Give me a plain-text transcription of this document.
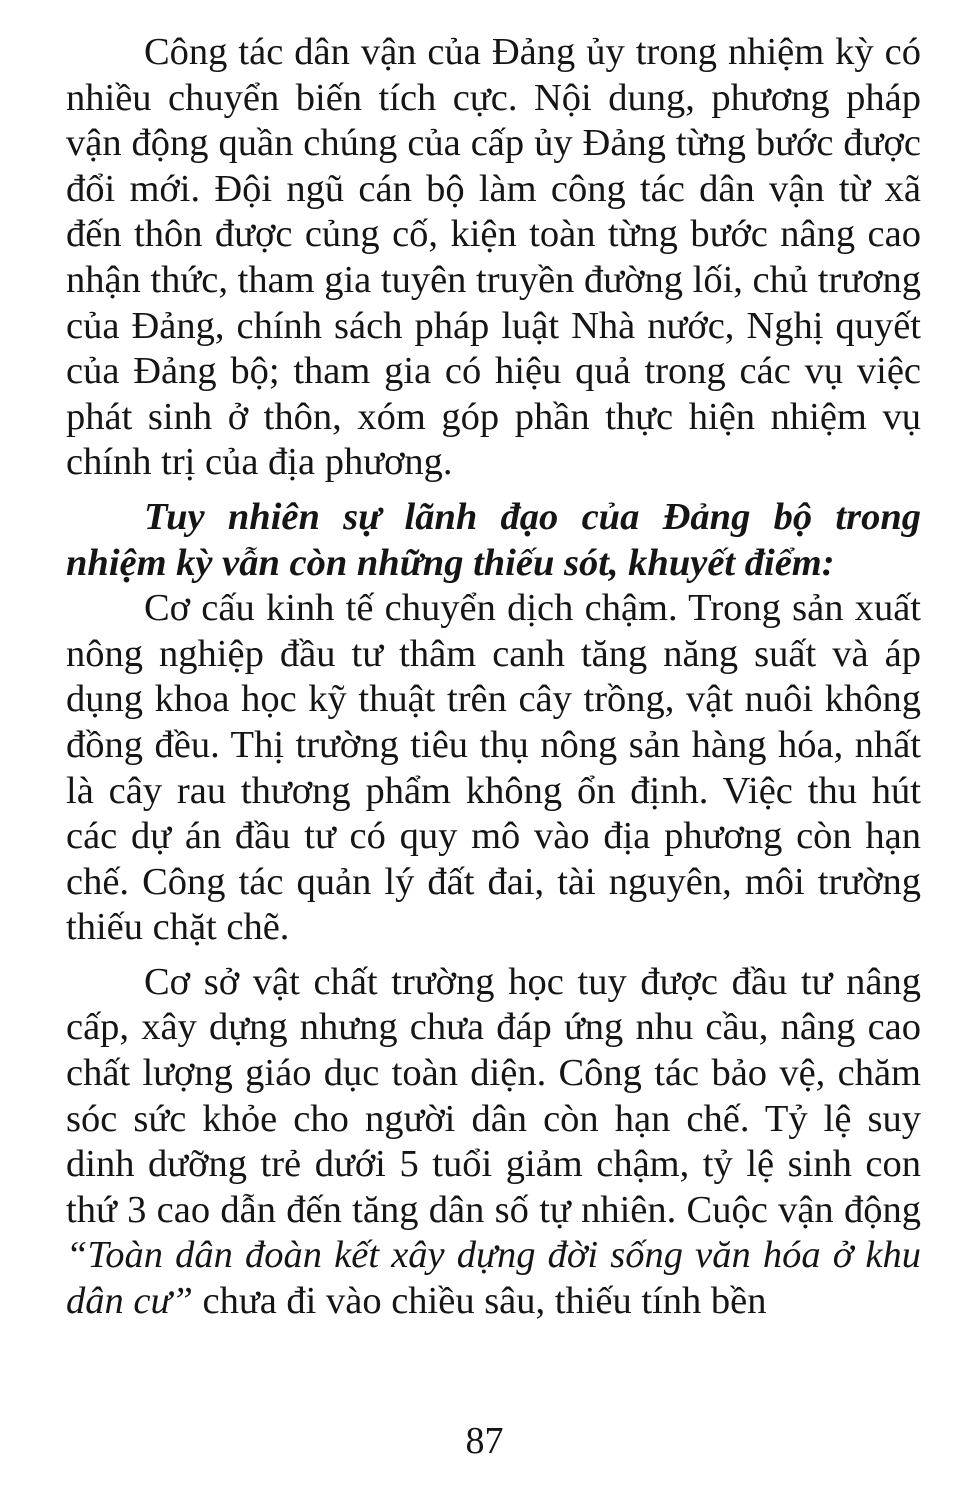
Công tác dân vận của Đảng ủy trong nhiệm kỳ có nhiều chuyển biến tích cực. Nội dung, phương pháp vận động quần chúng của cấp ủy Đảng từng bước được đổi mới. Đội ngũ cán bộ làm công tác dân vận từ xã đến thôn được củng cố, kiện toàn từng bước nâng cao nhận thức, tham gia tuyên truyền đường lối, chủ trương của Đảng, chính sách pháp luật Nhà nước, Nghị quyết của Đảng bộ; tham gia có hiệu quả trong các vụ việc phát sinh ở thôn, xóm góp phần thực hiện nhiệm vụ chính trị của địa phương.

Tuy nhiên sự lãnh đạo của Đảng bộ trong nhiệm kỳ vẫn còn những thiếu sót, khuyết điểm:

Cơ cấu kinh tế chuyển dịch chậm. Trong sản xuất nông nghiệp đầu tư thâm canh tăng năng suất và áp dụng khoa học kỹ thuật trên cây trồng, vật nuôi không đồng đều. Thị trường tiêu thụ nông sản hàng hóa, nhất là cây rau thương phẩm không ổn định. Việc thu hút các dự án đầu tư có quy mô vào địa phương còn hạn chế. Công tác quản lý đất đai, tài nguyên, môi trường thiếu chặt chẽ.

Cơ sở vật chất trường học tuy được đầu tư nâng cấp, xây dựng nhưng chưa đáp ứng nhu cầu, nâng cao chất lượng giáo dục toàn diện. Công tác bảo vệ, chăm sóc sức khỏe cho người dân còn hạn chế. Tỷ lệ suy dinh dưỡng trẻ dưới 5 tuổi giảm chậm, tỷ lệ sinh con thứ 3 cao dẫn đến tăng dân số tự nhiên. Cuộc vận động “Toàn dân đoàn kết xây dựng đời sống văn hóa ở khu dân cư” chưa đi vào chiều sâu, thiếu tính bền

87
